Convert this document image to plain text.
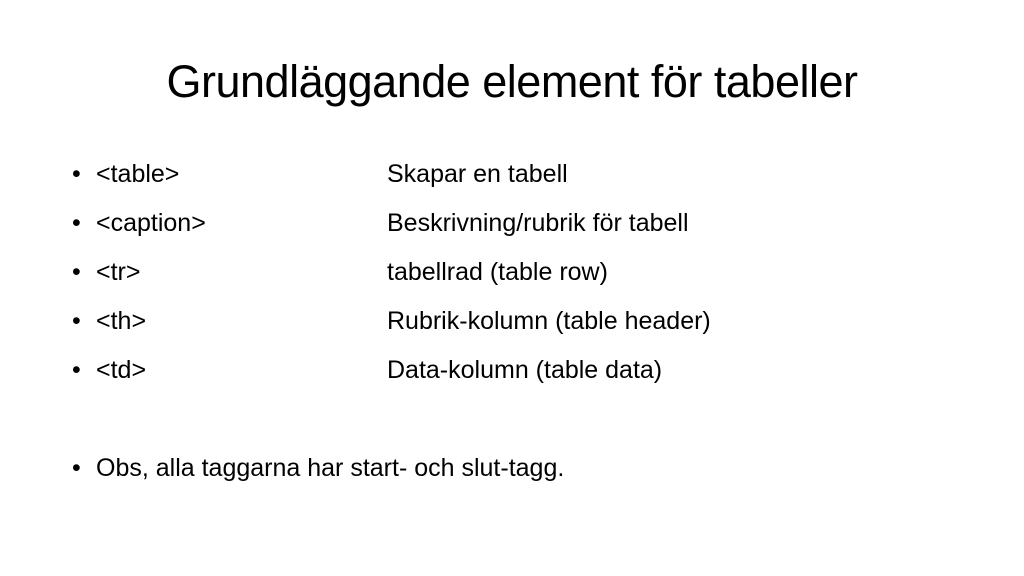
Grundläggande element för tabeller
• <table>	Skapar en tabell
• <caption>	Beskrivning/rubrik för tabell
• <tr>	tabellrad (table row)
• <th>	Rubrik-kolumn (table header)
• <td>	Data-kolumn (table data)
• Obs, alla taggarna har start- och slut-tagg.
